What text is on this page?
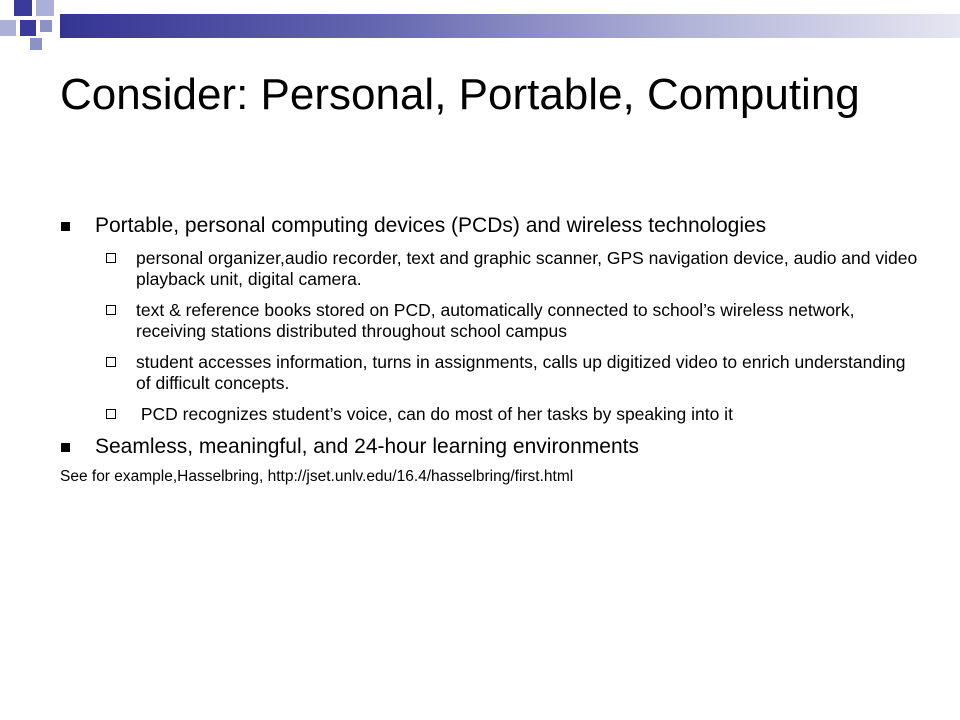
Consider: Personal, Portable, Computing
Portable, personal computing devices (PCDs) and wireless technologies
personal organizer,audio recorder, text and graphic scanner, GPS navigation device, audio and video playback unit, digital camera.
text & reference books stored on PCD, automatically connected to school’s wireless network, receiving stations distributed throughout school campus
student accesses information, turns in assignments, calls up digitized video to enrich understanding of difficult concepts.
PCD recognizes student’s voice, can do most of her tasks by speaking into it
Seamless, meaningful, and 24-hour learning environments
See for example,Hasselbring, http://jset.unlv.edu/16.4/hasselbring/first.html
